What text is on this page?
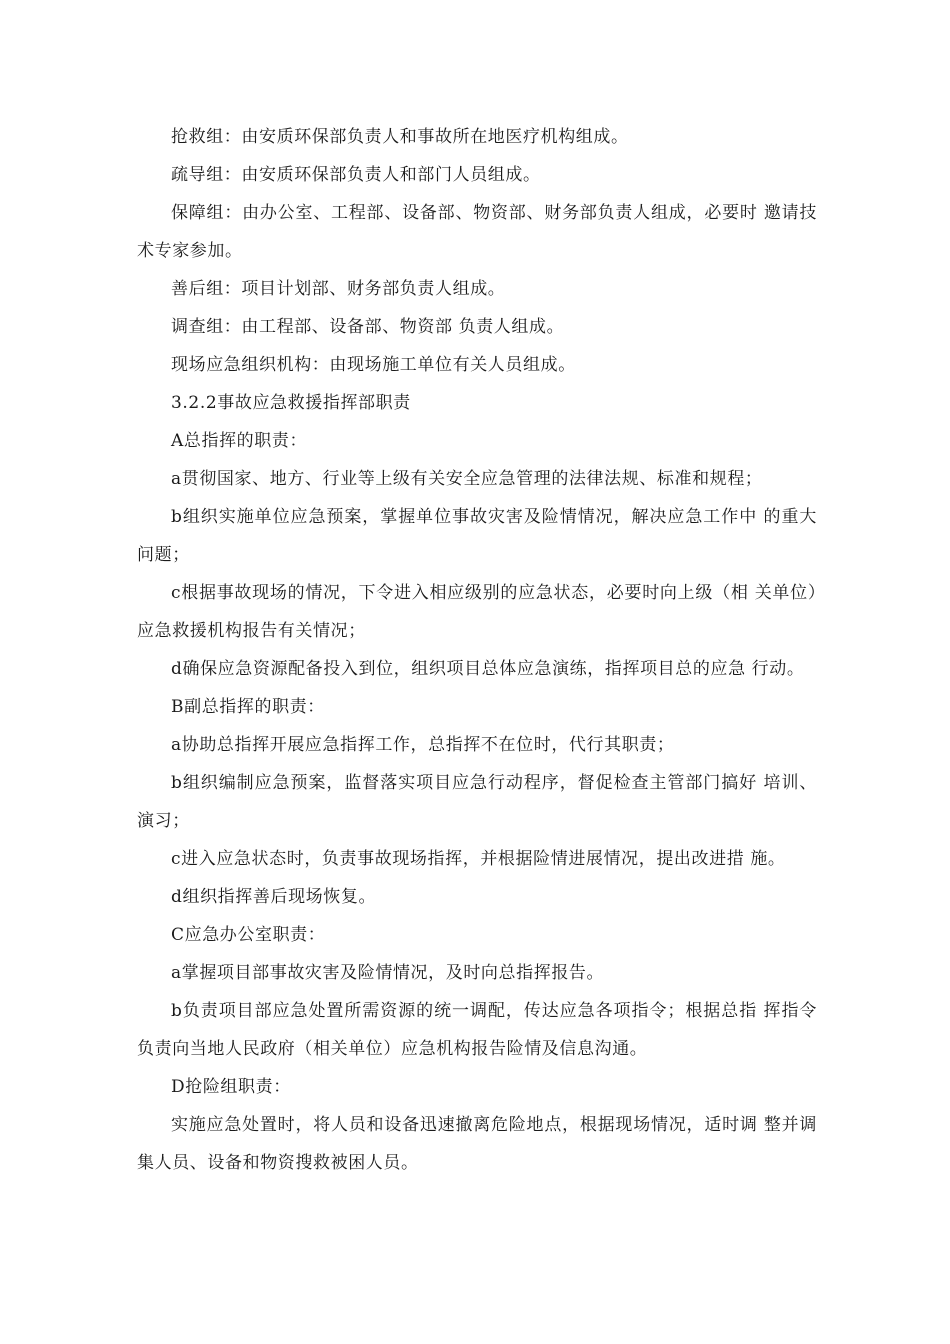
抢救组：由安质环保部负责人和事故所在地医疗机构组成。

疏导组：由安质环保部负责人和部门人员组成。

保障组：由办公室、工程部、设备部、物资部、财务部负责人组成，必要时 邀请技术专家参加。

善后组：项目计划部、财务部负责人组成。

调查组：由工程部、设备部、物资部 负责人组成。

现场应急组织机构：由现场施工单位有关人员组成。

3.2.2事故应急救援指挥部职责

A总指挥的职责：

a贯彻国家、地方、行业等上级有关安全应急管理的法律法规、标准和规程；

b组织实施单位应急预案，掌握单位事故灾害及险情情况，解决应急工作中 的重大问题；

c根据事故现场的情况，下令进入相应级别的应急状态，必要时向上级（相 关单位）应急救援机构报告有关情况；

d确保应急资源配备投入到位，组织项目总体应急演练，指挥项目总的应急 行动。

B副总指挥的职责：

a协助总指挥开展应急指挥工作，总指挥不在位时，代行其职责；

b组织编制应急预案，监督落实项目应急行动程序，督促检查主管部门搞好 培训、演习；

c进入应急状态时，负责事故现场指挥，并根据险情进展情况，提出改进措 施。

d组织指挥善后现场恢复。

C应急办公室职责：

a掌握项目部事故灾害及险情情况，及时向总指挥报告。

b负责项目部应急处置所需资源的统一调配，传达应急各项指令；根据总指 挥指令负责向当地人民政府（相关单位）应急机构报告险情及信息沟通。

D抢险组职责：

实施应急处置时，将人员和设备迅速撤离危险地点，根据现场情况，适时调 整并调集人员、设备和物资搜救被困人员。
